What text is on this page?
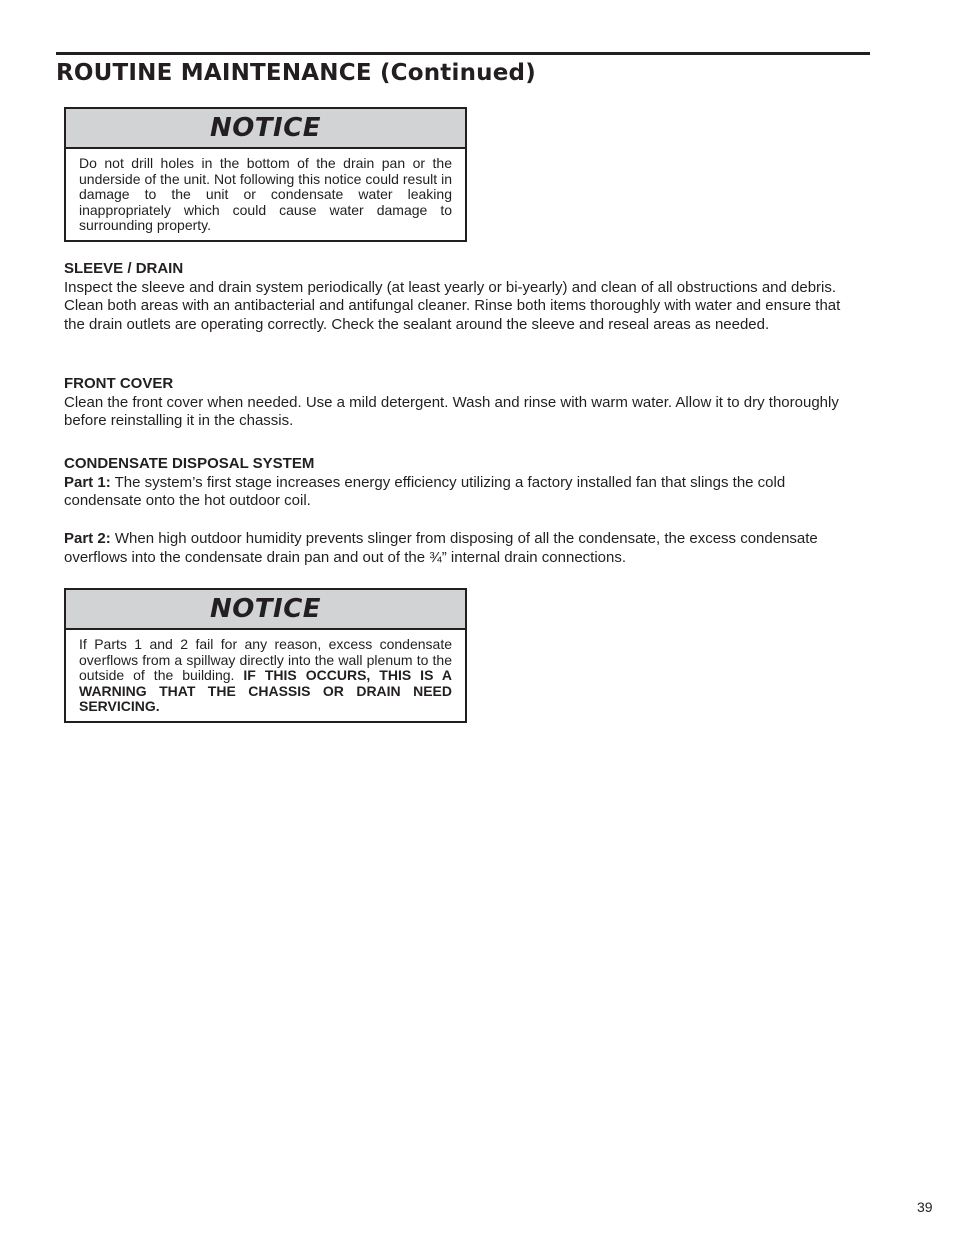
ROUTINE MAINTENANCE (Continued)
NOTICE
Do not drill holes in the bottom of the drain pan or the underside of the unit. Not following this notice could result in damage to the unit or condensate water leaking inappropriately which could cause water damage to surrounding property.
SLEEVE / DRAIN

Inspect the sleeve and drain system periodically (at least yearly or bi-yearly) and clean of all obstructions and debris. Clean both areas with an antibacterial and antifungal cleaner. Rinse both items thoroughly with water and ensure that the drain outlets are operating correctly. Check the sealant around the sleeve and reseal areas as needed.

FRONT COVER

Clean the front cover when needed. Use a mild detergent. Wash and rinse with warm water. Allow it to dry thoroughly before reinstalling it in the chassis.

CONDENSATE DISPOSAL SYSTEM

Part 1: The system’s first stage increases energy efficiency utilizing a factory installed fan that slings the cold condensate onto the hot outdoor coil.

Part 2: When high outdoor humidity prevents slinger from disposing of all the condensate, the excess condensate overflows into the condensate drain pan and out of the ¾” internal drain connections.

NOTICE
If Parts 1 and 2 fail for any reason, excess condensate overflows from a spillway directly into the wall plenum to the outside of the building. IF THIS OCCURS, THIS IS A WARNING THAT THE CHASSIS OR DRAIN NEED SERVICING.
39
